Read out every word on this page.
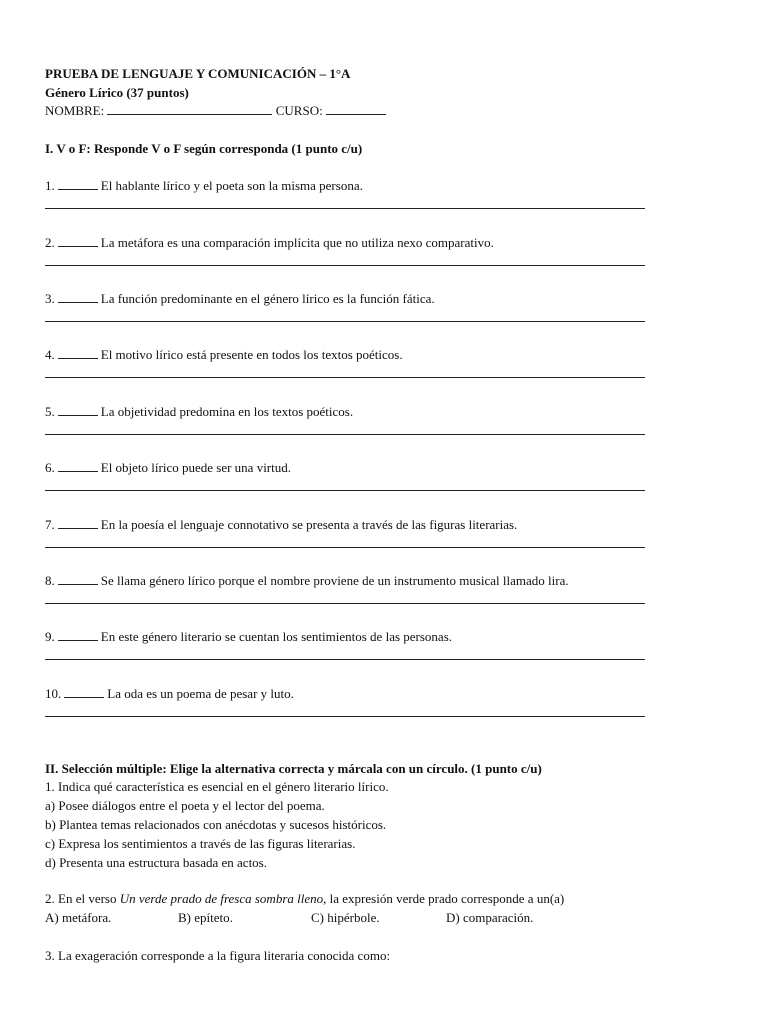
PRUEBA DE LENGUAJE Y COMUNICACIÓN – 1°A
Género Lírico (37 puntos)
NOMBRE:	CURSO:
I. V o F: Responde V o F según corresponda (1 punto c/u)
1.	El hablante lírico y el poeta son la misma persona.
2.	La metáfora es una comparación implícita que no utiliza nexo comparativo.
3.	La función predominante en el género lírico es la función fática.
4.	El motivo lírico está presente en todos los textos poéticos.
5.	La objetividad predomina en los textos poéticos.
6.	El objeto lírico puede ser una virtud.
7.	En la poesía el lenguaje connotativo se presenta a través de las figuras literarias.
8.	Se llama género lírico porque el nombre proviene de un instrumento musical llamado lira.
9.	En este género literario se cuentan los sentimientos de las personas.
10.	La oda es un poema de pesar y luto.
II. Selección múltiple: Elige la alternativa correcta y márcala con un círculo. (1 punto c/u)
1. Indica qué característica es esencial en el género literario lírico.
a) Posee diálogos entre el poeta y el lector del poema.
b) Plantea temas relacionados con anécdotas y sucesos históricos.
c) Expresa los sentimientos a través de las figuras literarias.
d) Presenta una estructura basada en actos.
2. En el verso Un verde prado de fresca sombra lleno, la expresión verde prado corresponde a un(a)
A) metáfora.	B) epíteto.	C) hipérbole.	D) comparación.
3. La exageración corresponde a la figura literaria conocida como:
